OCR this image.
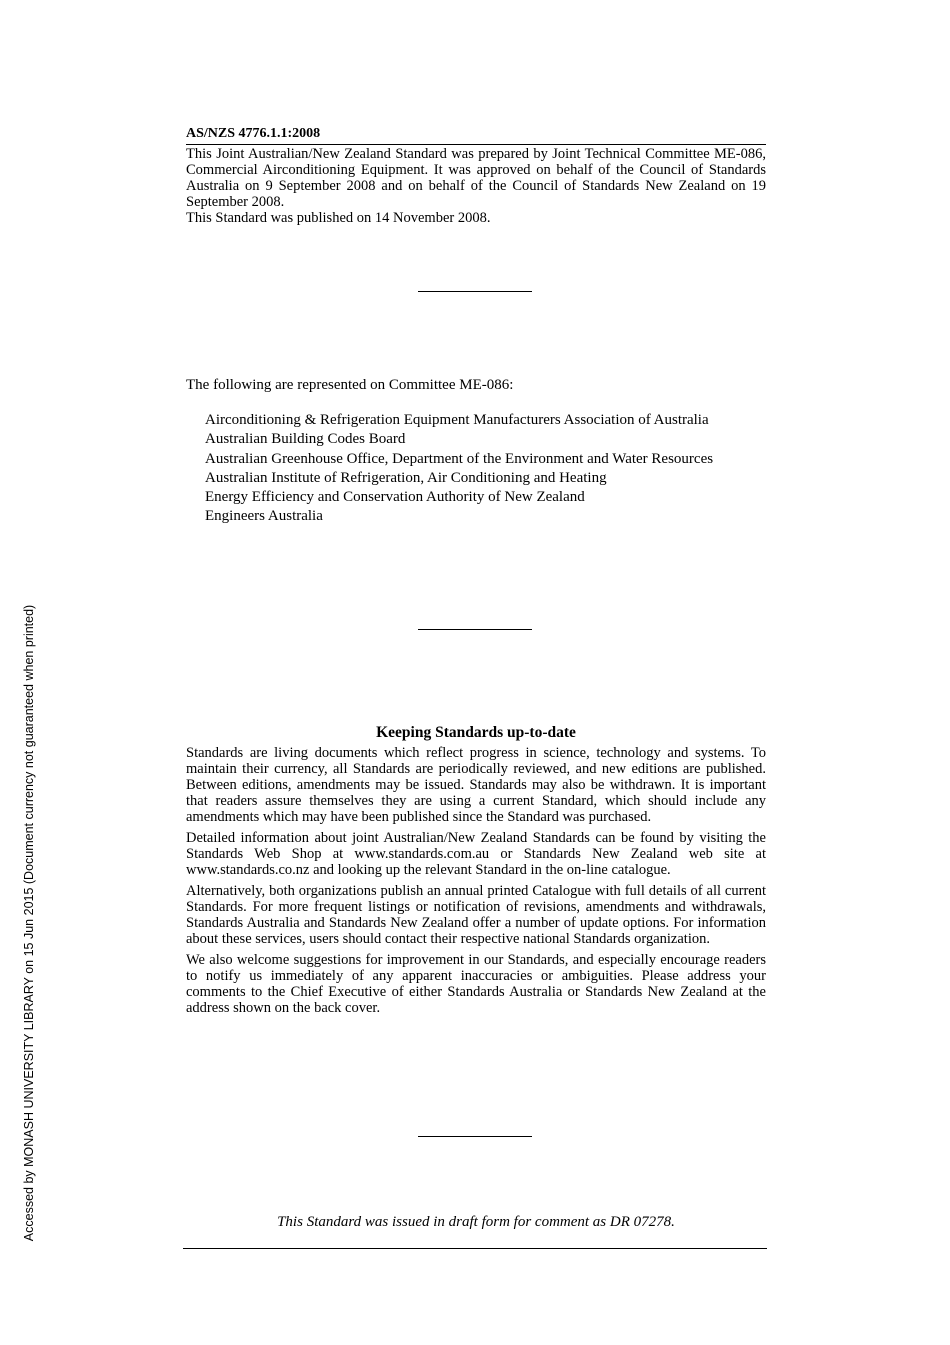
Accessed by MONASH UNIVERSITY LIBRARY on 15 Jun 2015 (Document currency not guaranteed when printed)
AS/NZS 4776.1.1:2008

This Joint Australian/New Zealand Standard was prepared by Joint Technical Committee ME-086, Commercial Airconditioning Equipment. It was approved on behalf of the Council of Standards Australia on 9 September 2008 and on behalf of the Council of Standards New Zealand on 19 September 2008.

This Standard was published on 14 November 2008.

The following are represented on Committee ME-086:

Airconditioning & Refrigeration Equipment Manufacturers Association of Australia
Australian Building Codes Board
Australian Greenhouse Office, Department of the Environment and Water Resources
Australian Institute of Refrigeration, Air Conditioning and Heating
Energy Efficiency and Conservation Authority of New Zealand
Engineers Australia
Keeping Standards up-to-date

Standards are living documents which reflect progress in science, technology and systems. To maintain their currency, all Standards are periodically reviewed, and new editions are published. Between editions, amendments may be issued. Standards may also be withdrawn. It is important that readers assure themselves they are using a current Standard, which should include any amendments which may have been published since the Standard was purchased.

Detailed information about joint Australian/New Zealand Standards can be found by visiting the Standards Web Shop at www.standards.com.au or Standards New Zealand web site at www.standards.co.nz and looking up the relevant Standard in the on-line catalogue.

Alternatively, both organizations publish an annual printed Catalogue with full details of all current Standards. For more frequent listings or notification of revisions, amendments and withdrawals, Standards Australia and Standards New Zealand offer a number of update options. For information about these services, users should contact their respective national Standards organization.

We also welcome suggestions for improvement in our Standards, and especially encourage readers to notify us immediately of any apparent inaccuracies or ambiguities. Please address your comments to the Chief Executive of either Standards Australia or Standards New Zealand at the address shown on the back cover.

This Standard was issued in draft form for comment as DR 07278.
